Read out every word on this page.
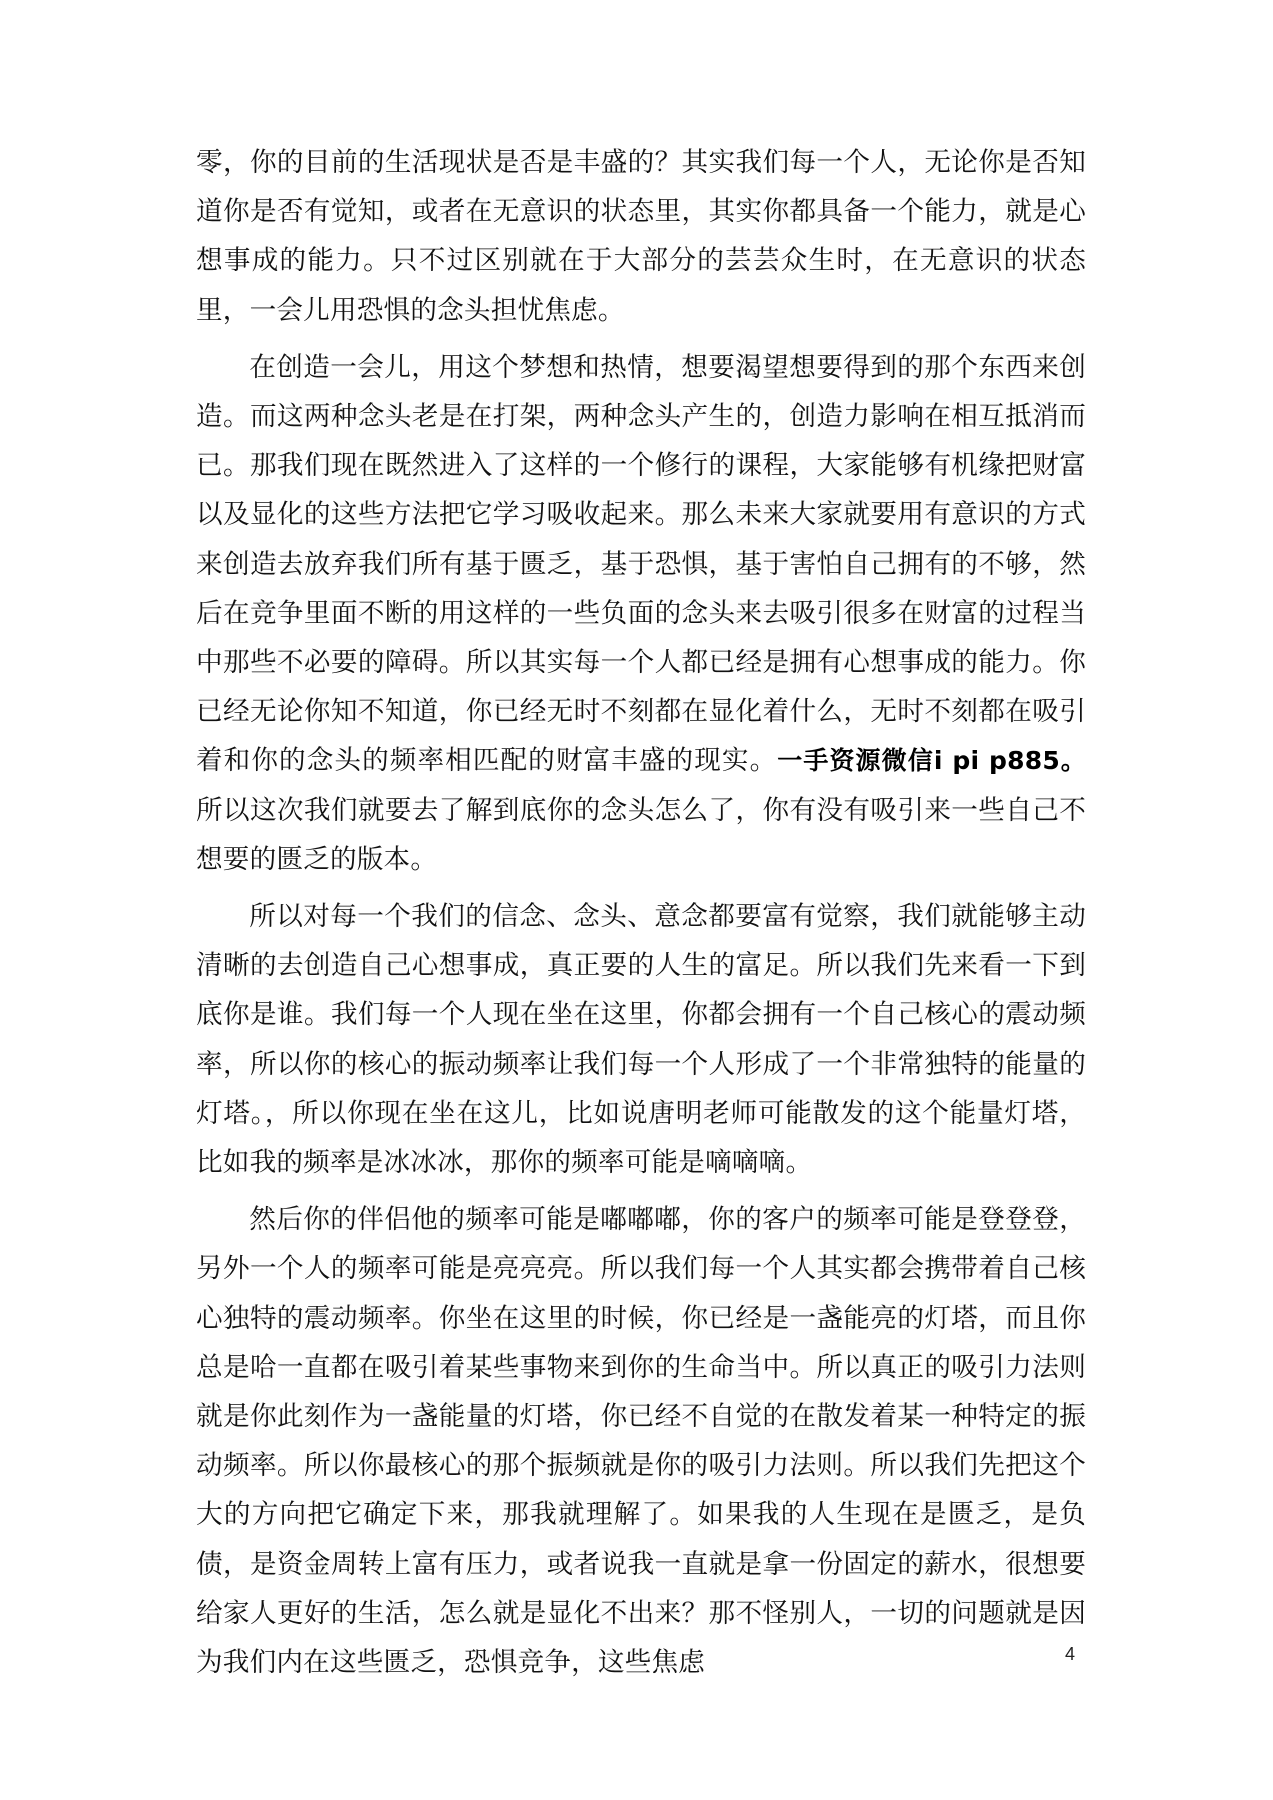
零，你的目前的生活现状是否是丰盛的？其实我们每一个人，无论你是否知道你是否有觉知，或者在无意识的状态里，其实你都具备一个能力，就是心想事成的能力。只不过区别就在于大部分的芸芸众生时，在无意识的状态里，一会儿用恐惧的念头担忧焦虑。

在创造一会儿，用这个梦想和热情，想要渴望想要得到的那个东西来创造。而这两种念头老是在打架，两种念头产生的，创造力影响在相互抵消而已。那我们现在既然进入了这样的一个修行的课程，大家能够有机缘把财富以及显化的这些方法把它学习吸收起来。那么未来大家就要用有意识的方式来创造去放弃我们所有基于匮乏，基于恐惧，基于害怕自己拥有的不够，然后在竞争里面不断的用这样的一些负面的念头来去吸引很多在财富的过程当中那些不必要的障碍。所以其实每一个人都已经是拥有心想事成的能力。你已经无论你知不知道，你已经无时不刻都在显化着什么，无时不刻都在吸引着和你的念头的频率相匹配的财富丰盛的现实。一手资源微信i pi p885。所以这次我们就要去了解到底你的念头怎么了，你有没有吸引来一些自己不想要的匮乏的版本。

所以对每一个我们的信念、念头、意念都要富有觉察，我们就能够主动清晰的去创造自己心想事成，真正要的人生的富足。所以我们先来看一下到底你是谁。我们每一个人现在坐在这里，你都会拥有一个自己核心的震动频率，所以你的核心的振动频率让我们每一个人形成了一个非常独特的能量的灯塔。，所以你现在坐在这儿，比如说唐明老师可能散发的这个能量灯塔，比如我的频率是冰冰冰，那你的频率可能是嘀嘀嘀。

然后你的伴侣他的频率可能是嘟嘟嘟，你的客户的频率可能是登登登，另外一个人的频率可能是亮亮亮。所以我们每一个人其实都会携带着自己核心独特的震动频率。你坐在这里的时候，你已经是一盏能亮的灯塔，而且你总是哈一直都在吸引着某些事物来到你的生命当中。所以真正的吸引力法则就是你此刻作为一盏能量的灯塔，你已经不自觉的在散发着某一种特定的振动频率。所以你最核心的那个振频就是你的吸引力法则。所以我们先把这个大的方向把它确定下来，那我就理解了。如果我的人生现在是匮乏，是负债，是资金周转上富有压力，或者说我一直就是拿一份固定的薪水，很想要给家人更好的生活，怎么就是显化不出来？那不怪别人，一切的问题就是因为我们内在这些匮乏，恐惧竞争，这些焦虑	4
